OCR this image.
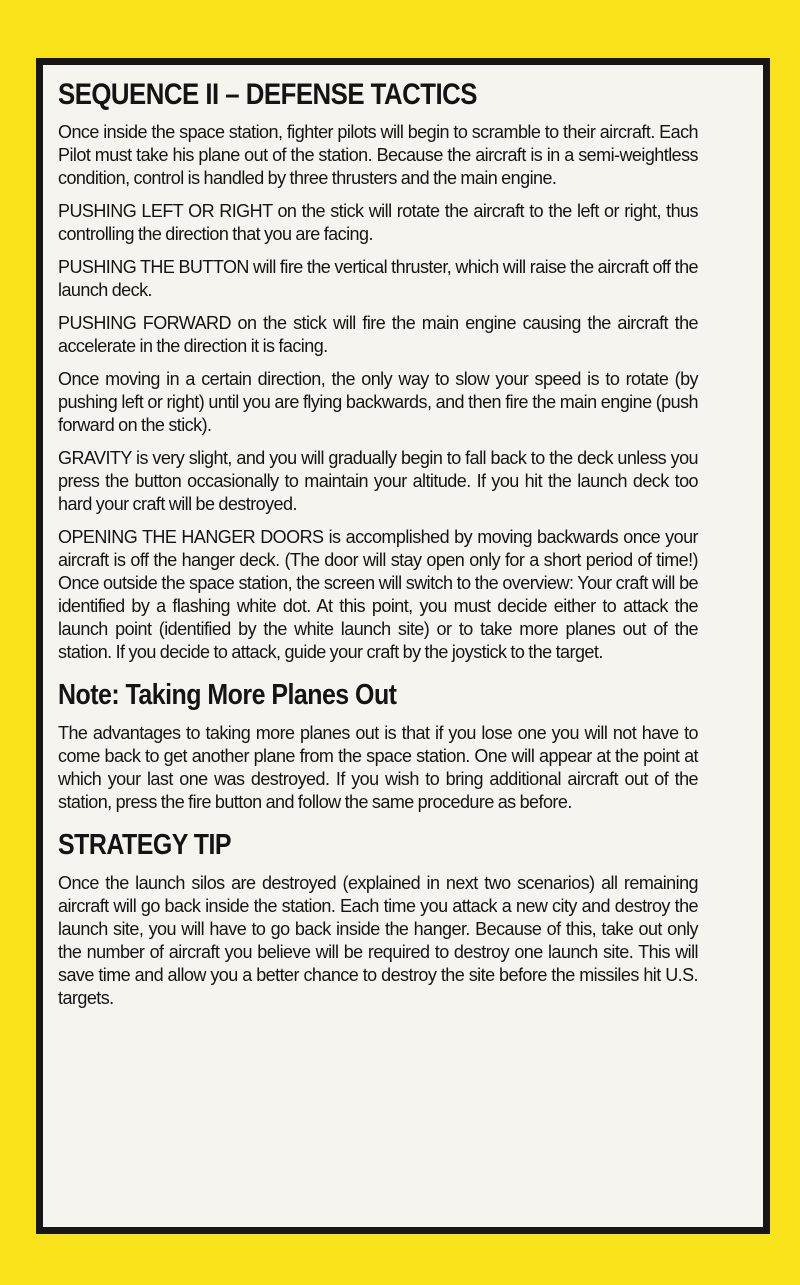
SEQUENCE II – DEFENSE TACTICS

Once inside the space station, fighter pilots will begin to scramble to their aircraft. Each Pilot must take his plane out of the station. Because the aircraft is in a semi-weightless condition, control is handled by three thrusters and the main engine.

PUSHING LEFT OR RIGHT on the stick will rotate the aircraft to the left or right, thus controlling the direction that you are facing.

PUSHING THE BUTTON will fire the vertical thruster, which will raise the aircraft off the launch deck.

PUSHING FORWARD on the stick will fire the main engine causing the aircraft the accelerate in the direction it is facing.

Once moving in a certain direction, the only way to slow your speed is to rotate (by pushing left or right) until you are flying backwards, and then fire the main engine (push forward on the stick).

GRAVITY is very slight, and you will gradually begin to fall back to the deck unless you press the button occasionally to maintain your altitude. If you hit the launch deck too hard your craft will be destroyed.

OPENING THE HANGER DOORS is accomplished by moving backwards once your aircraft is off the hanger deck. (The door will stay open only for a short period of time!) Once outside the space station, the screen will switch to the overview: Your craft will be identified by a flashing white dot. At this point, you must decide either to attack the launch point (identified by the white launch site) or to take more planes out of the station. If you decide to attack, guide your craft by the joystick to the target.

Note: Taking More Planes Out

The advantages to taking more planes out is that if you lose one you will not have to come back to get another plane from the space station. One will appear at the point at which your last one was destroyed. If you wish to bring additional aircraft out of the station, press the fire button and follow the same procedure as before.

STRATEGY TIP

Once the launch silos are destroyed (explained in next two scenarios) all remaining aircraft will go back inside the station. Each time you attack a new city and destroy the launch site, you will have to go back inside the hanger. Because of this, take out only the number of aircraft you believe will be required to destroy one launch site. This will save time and allow you a better chance to destroy the site before the missiles hit U.S. targets.
